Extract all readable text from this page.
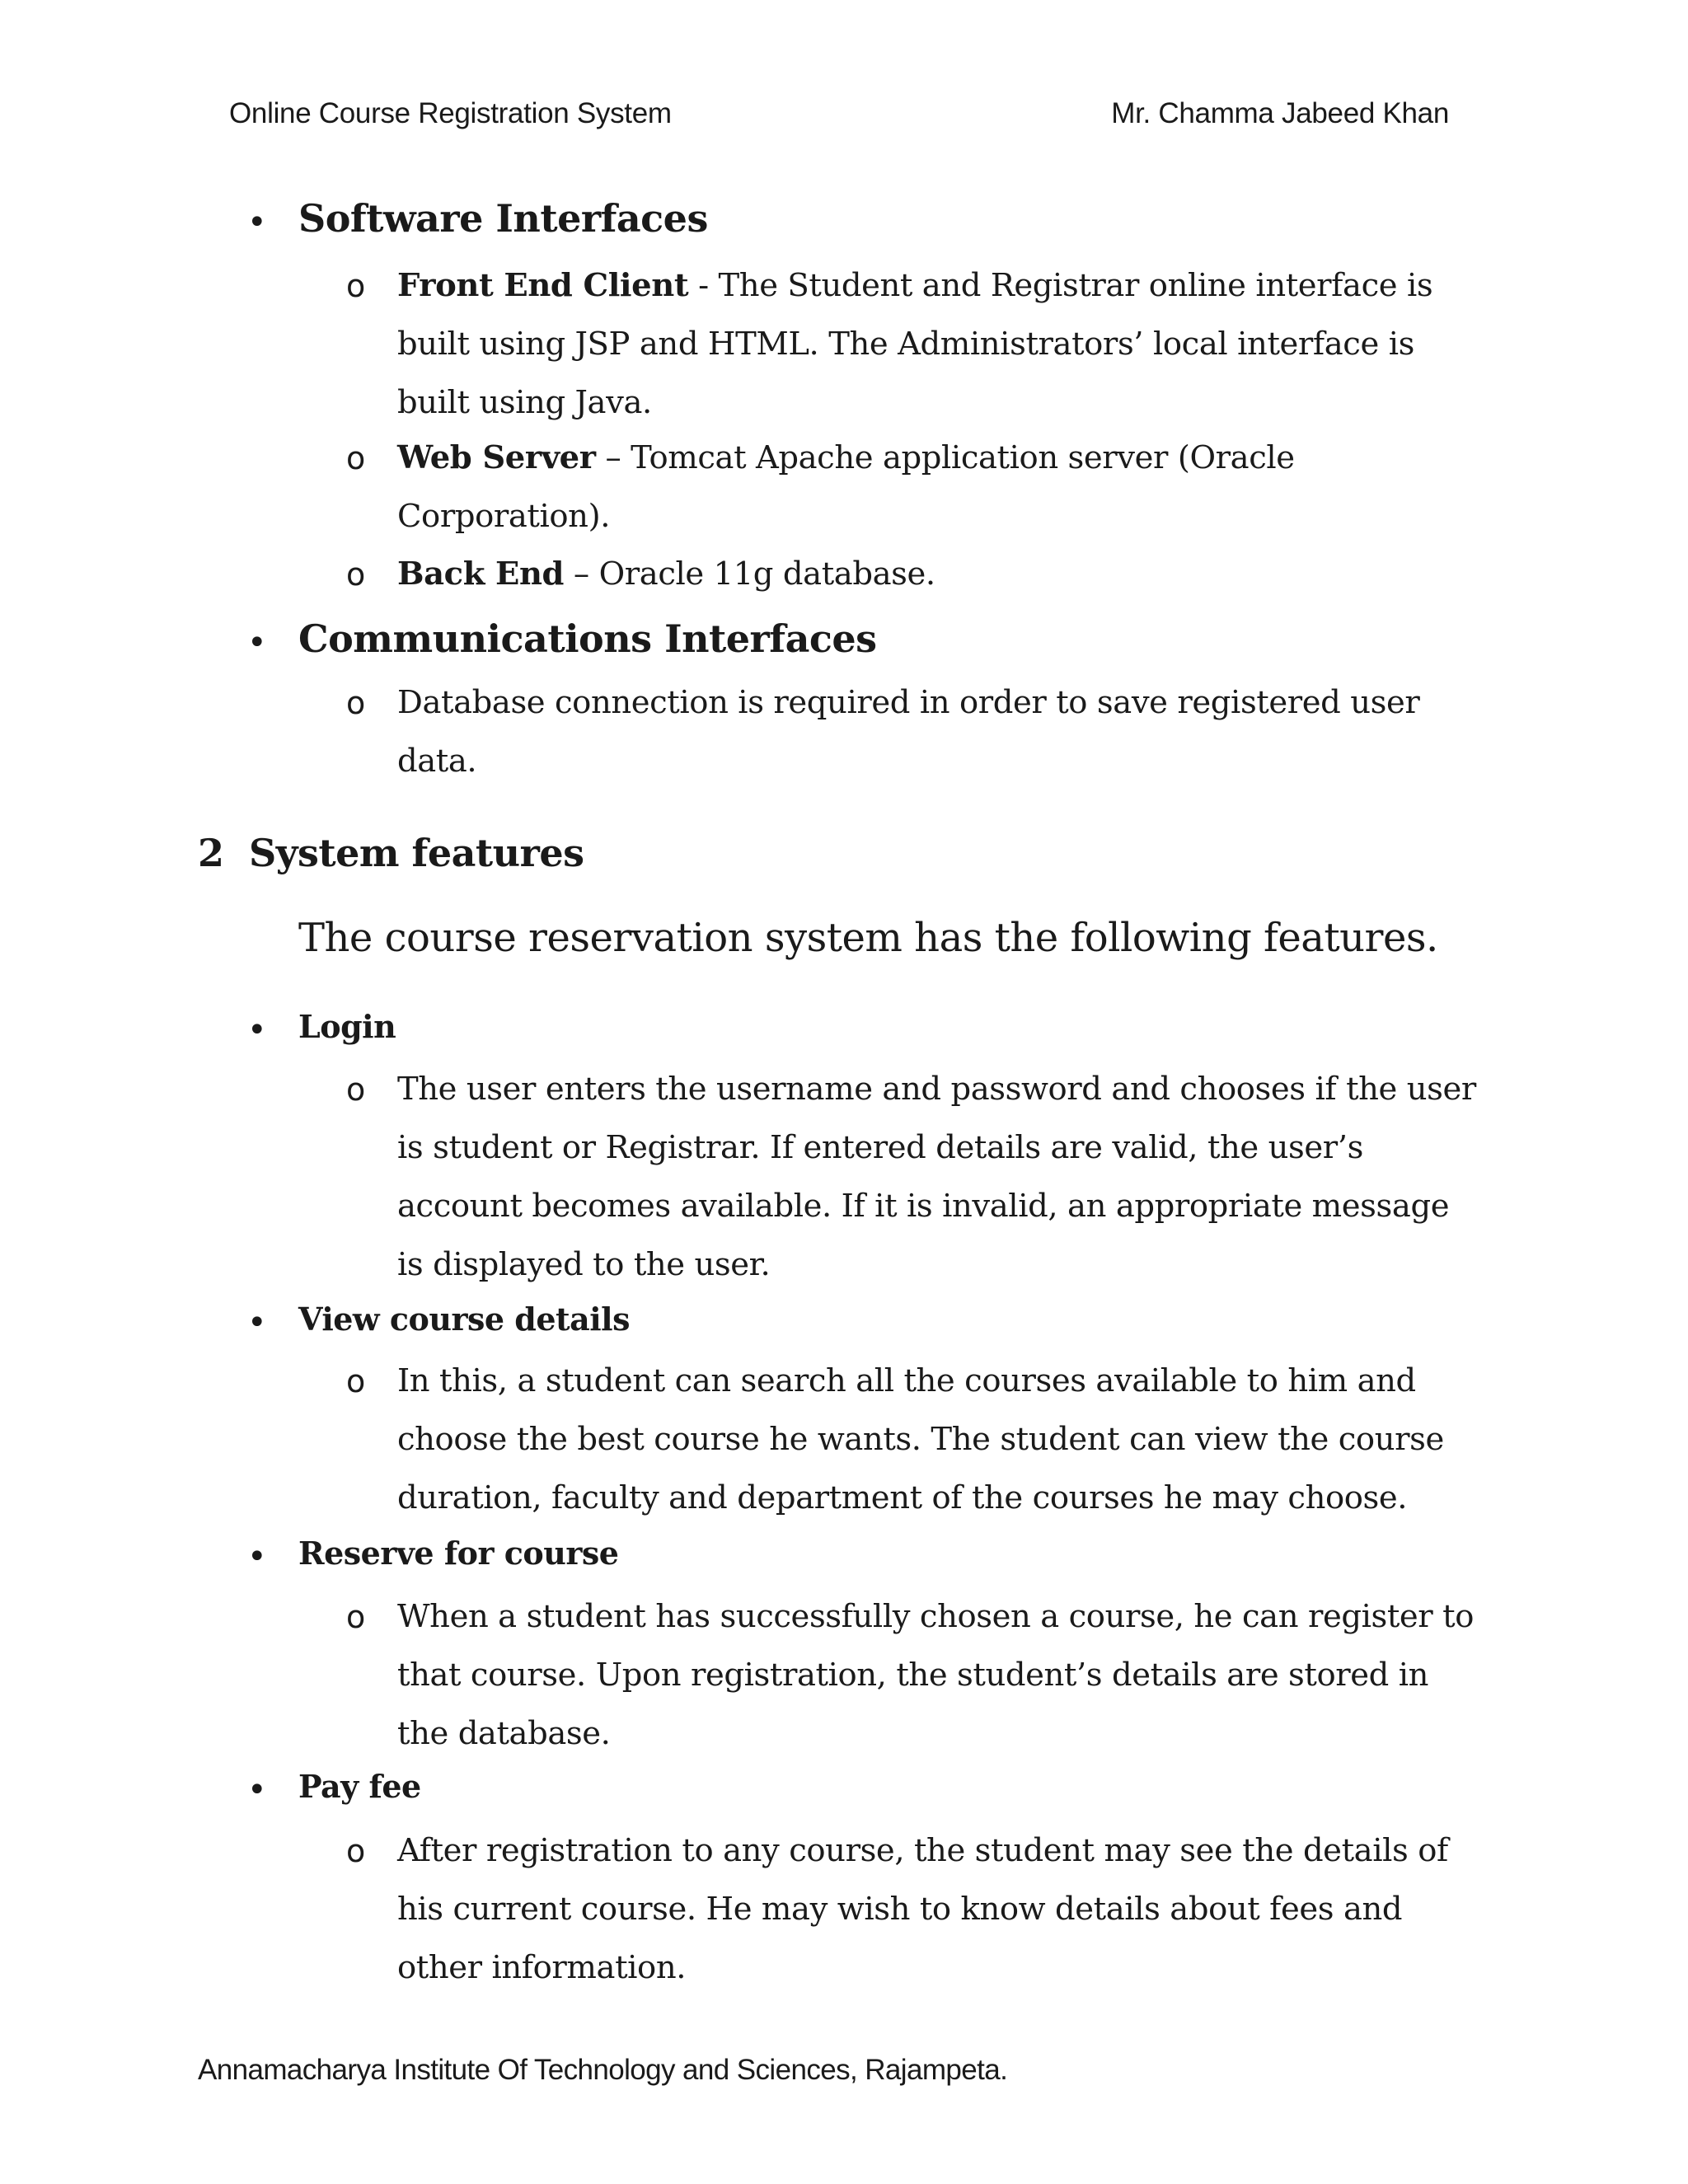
Online Course Registration System	Mr. Chamma Jabeed Khan
• Software Interfaces
o Front End Client - The Student and Registrar online interface is built using JSP and HTML. The Administrators’ local interface is built using Java.
o Web Server – Tomcat Apache application server (Oracle Corporation).
o Back End – Oracle 11g database.
• Communications Interfaces
o Database connection is required in order to save registered user data.
2 System features
The course reservation system has the following features.
• Login
o The user enters the username and password and chooses if the user is student or Registrar. If entered details are valid, the user’s account becomes available. If it is invalid, an appropriate message is displayed to the user.
• View course details
o In this, a student can search all the courses available to him and choose the best course he wants. The student can view the course duration, faculty and department of the courses he may choose.
• Reserve for course
o When a student has successfully chosen a course, he can register to that course. Upon registration, the student’s details are stored in the database.
• Pay fee
o After registration to any course, the student may see the details of his current course. He may wish to know details about fees and other information.
Annamacharya Institute Of Technology and Sciences, Rajampeta.
